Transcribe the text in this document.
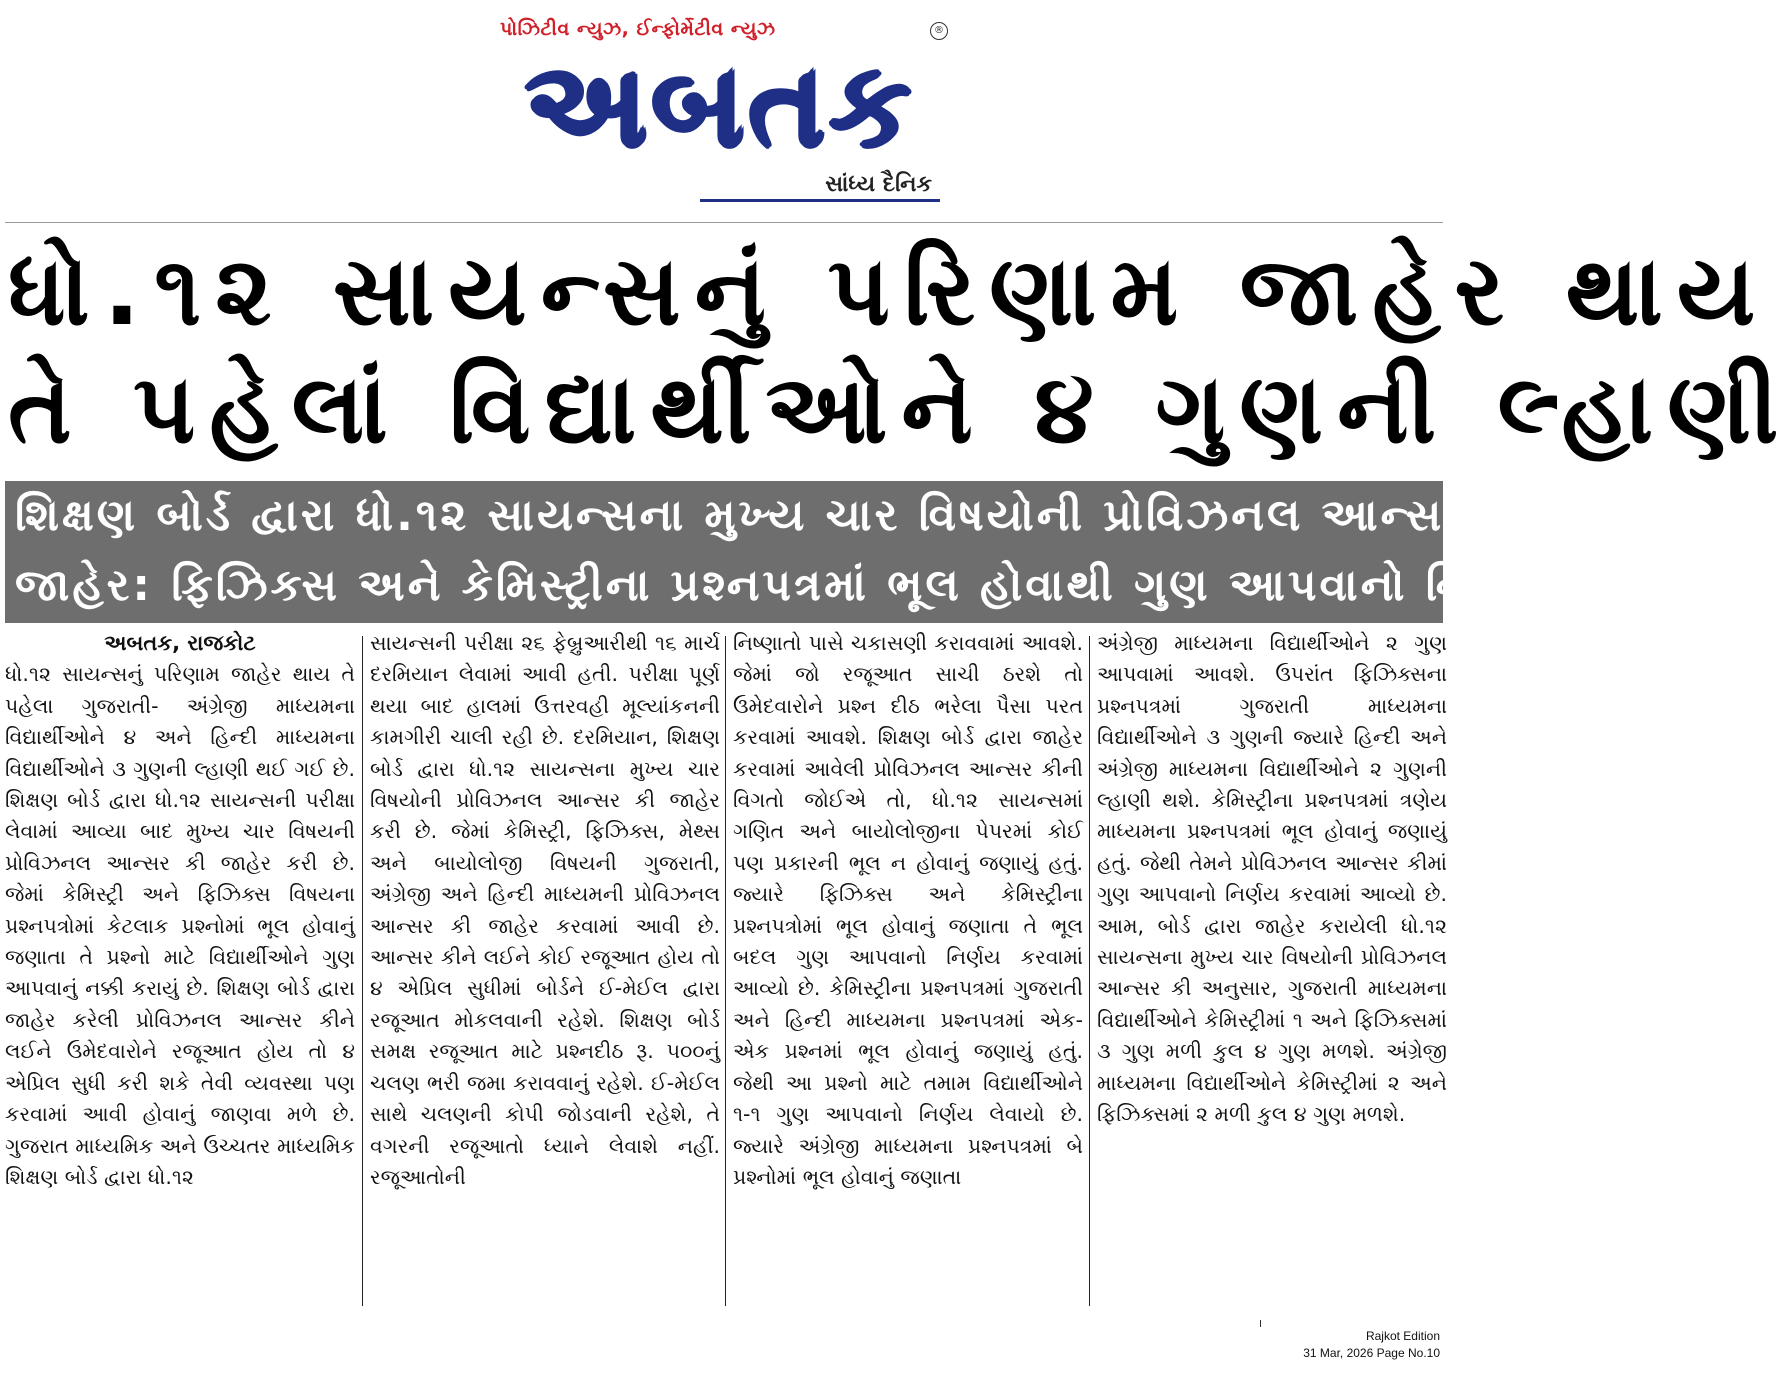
પોઝિટીવ ન્યુઝ, ઈન્ફોર્મેટીવ ન્યુઝ	®
અબતક
સાંધ્ય દૈનિક
ધો.૧૨ સાયન્સનું પરિણામ જાહેર થાય
તે પહેલાં વિદ્યાર્થીઓને ૪ ગુણની લ્હાણી
શિક્ષણ બોર્ડ દ્વારા ધો.૧૨ સાયન્સના મુખ્ય ચાર વિષયોની પ્રોવિઝનલ આન્સર કી
જાહેર: ફિઝિક્સ અને કેમિસ્ટ્રીના પ્રશ્નપત્રમાં ભૂલ હોવાથી ગુણ આપવાનો નિર્ણય
અબતક, રાજકોટ

ધો.૧૨ સાયન્સનું પરિણામ જાહેર થાય તે પહેલા ગુજરાતી- અંગ્રેજી માધ્યમના વિદ્યાર્થીઓને ૪ અને હિન્દી માધ્યમના વિદ્યાર્થીઓને ૩ ગુણની લ્હાણી થઈ ગઈ છે. શિક્ષણ બોર્ડ દ્વારા ધો.૧૨ સાયન્સની પરીક્ષા લેવામાં આવ્યા બાદ મુખ્ય ચાર વિષયની પ્રોવિઝનલ આન્સર કી જાહેર કરી છે. જેમાં કેમિસ્ટ્રી અને ફિઝિક્સ વિષયના પ્રશ્નપત્રોમાં કેટલાક પ્રશ્નોમાં ભૂલ હોવાનું જણાતા તે પ્રશ્નો માટે વિદ્યાર્થીઓને ગુણ આપવાનું નક્કી કરાયું છે. શિક્ષણ બોર્ડ દ્વારા જાહેર કરેલી પ્રોવિઝનલ આન્સર કીને લઈને ઉમેદવારોને રજૂઆત હોય તો ૪ એપ્રિલ સુધી કરી શકે તેવી વ્યવસ્થા પણ કરવામાં આવી હોવાનું જાણવા મળે છે. ગુજરાત માધ્યમિક અને ઉચ્ચતર માધ્યમિક શિક્ષણ બોર્ડ દ્વારા ધો.૧૨

સાયન્સની પરીક્ષા ૨૬ ફેબ્રુઆરીથી ૧૬ માર્ચ દરમિયાન લેવામાં આવી હતી. પરીક્ષા પૂર્ણ થયા બાદ હાલમાં ઉત્તરવહી મૂલ્યાંકનની કામગીરી ચાલી રહી છે. દરમિયાન, શિક્ષણ બોર્ડ દ્વારા ધો.૧૨ સાયન્સના મુખ્ય ચાર વિષયોની પ્રોવિઝનલ આન્સર કી જાહેર કરી છે. જેમાં કેમિસ્ટ્રી, ફિઝિક્સ, મેથ્સ અને બાયોલોજી વિષયની ગુજરાતી, અંગ્રેજી અને હિન્દી માધ્યમની પ્રોવિઝનલ આન્સર કી જાહેર કરવામાં આવી છે. આન્સર કીને લઈને કોઈ રજૂઆત હોય તો ૪ એપ્રિલ સુધીમાં બોર્ડને ઈ-મેઈલ દ્વારા રજૂઆત મોકલવાની રહેશે. શિક્ષણ બોર્ડ સમક્ષ રજૂઆત માટે પ્રશ્નદીઠ રૂ. ૫૦૦નું ચલણ ભરી જમા કરાવવાનું રહેશે. ઈ-મેઈલ સાથે ચલણની કોપી જોડવાની રહેશે, તે વગરની રજૂઆતો ધ્યાને લેવાશે નહીં. રજૂઆતોની

નિષ્ણાતો પાસે ચકાસણી કરાવવામાં આવશે. જેમાં જો રજૂઆત સાચી ઠરશે તો ઉમેદવારોને પ્રશ્ન દીઠ ભરેલા પૈસા પરત કરવામાં આવશે. શિક્ષણ બોર્ડ દ્વારા જાહેર કરવામાં આવેલી પ્રોવિઝનલ આન્સર કીની વિગતો જોઈએ તો, ધો.૧૨ સાયન્સમાં ગણિત અને બાયોલોજીના પેપરમાં કોઈ પણ પ્રકારની ભૂલ ન હોવાનું જણાયું હતું. જ્યારે ફિઝિક્સ અને કેમિસ્ટ્રીના પ્રશ્નપત્રોમાં ભૂલ હોવાનું જણાતા તે ભૂલ બદલ ગુણ આપવાનો નિર્ણય કરવામાં આવ્યો છે. કેમિસ્ટ્રીના પ્રશ્નપત્રમાં ગુજરાતી અને હિન્દી માધ્યમના પ્રશ્નપત્રમાં એક-એક પ્રશ્નમાં ભૂલ હોવાનું જણાયું હતું. જેથી આ પ્રશ્નો માટે તમામ વિદ્યાર્થીઓને ૧-૧ ગુણ આપવાનો નિર્ણય લેવાયો છે. જ્યારે અંગ્રેજી માધ્યમના પ્રશ્નપત્રમાં બે પ્રશ્નોમાં ભૂલ હોવાનું જણાતા

અંગ્રેજી માધ્યમના વિદ્યાર્થીઓને ૨ ગુણ આપવામાં આવશે. ઉપરાંત ફિઝિક્સના પ્રશ્નપત્રમાં ગુજરાતી માધ્યમના વિદ્યાર્થીઓને ૩ ગુણની જ્યારે હિન્દી અને અંગ્રેજી માધ્યમના વિદ્યાર્થીઓને ૨ ગુણની લ્હાણી થશે. કેમિસ્ટ્રીના પ્રશ્નપત્રમાં ત્રણેય માધ્યમના પ્રશ્નપત્રમાં ભૂલ હોવાનું જણાયું હતું. જેથી તેમને પ્રોવિઝનલ આન્સર કીમાં ગુણ આપવાનો નિર્ણય કરવામાં આવ્યો છે. આમ, બોર્ડ દ્વારા જાહેર કરાયેલી ધો.૧૨ સાયન્સના મુખ્ય ચાર વિષયોની પ્રોવિઝનલ આન્સર કી અનુસાર, ગુજરાતી માધ્યમના વિદ્યાર્થીઓને કેમિસ્ટ્રીમાં ૧ અને ફિઝિક્સમાં ૩ ગુણ મળી કુલ ૪ ગુણ મળશે. અંગ્રેજી માધ્યમના વિદ્યાર્થીઓને કેમિસ્ટ્રીમાં ૨ અને ફિઝિક્સમાં ૨ મળી કુલ ૪ ગુણ મળશે.

Rajkot Edition
31 Mar, 2026 Page No.10
